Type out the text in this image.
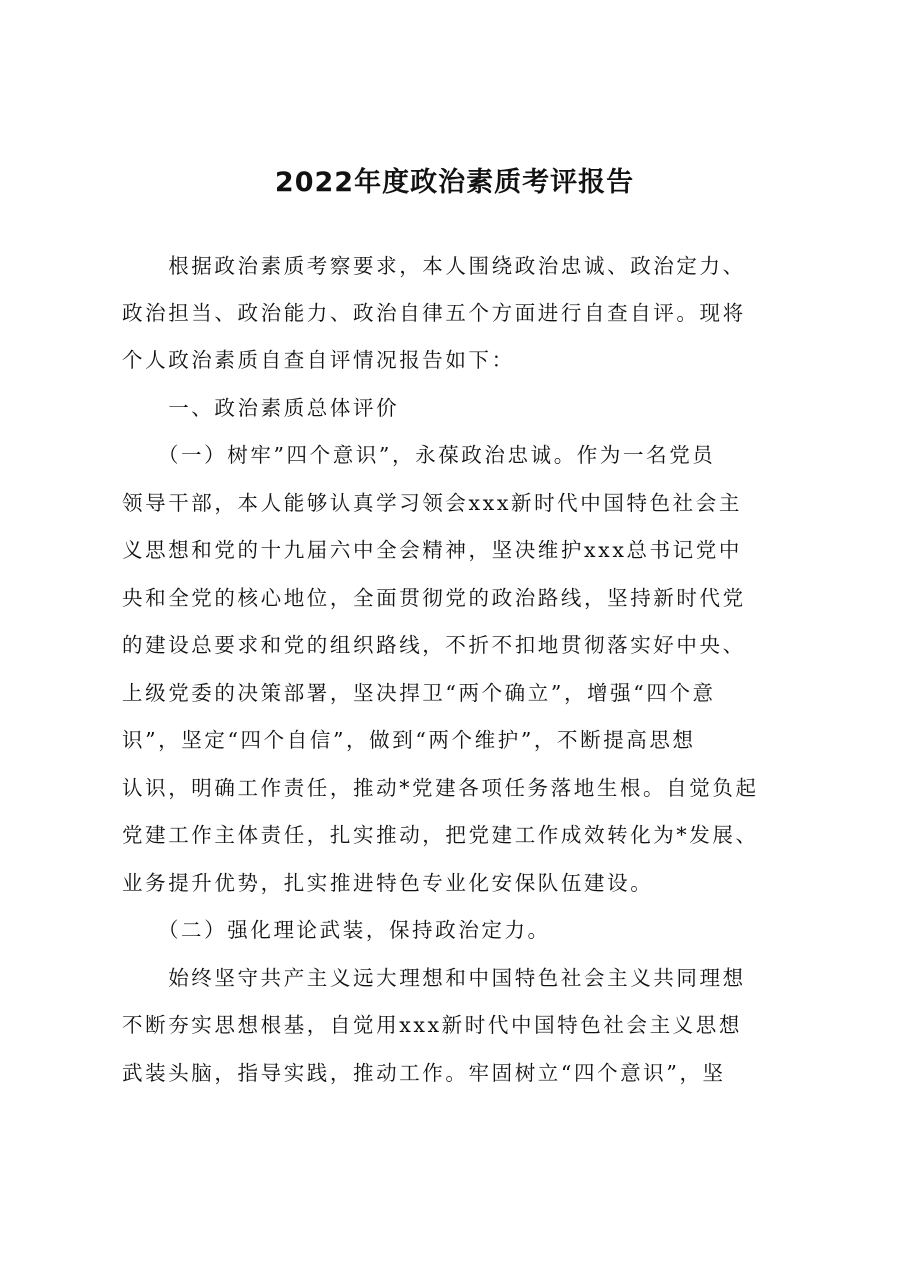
2022年度政治素质考评报告
　　根据政治素质考察要求，本人围绕政治忠诚、政治定力、
政治担当、政治能力、政治自律五个方面进行自查自评。现将
个人政治素质自查自评情况报告如下：
　　一、政治素质总体评价
　　（一）树牢”四个意识”，永葆政治忠诚。作为一名党员
领导干部，本人能够认真学习领会xxx新时代中国特色社会主
义思想和党的十九届六中全会精神，坚决维护xxx总书记党中
央和全党的核心地位，全面贯彻党的政治路线，坚持新时代党
的建设总要求和党的组织路线，不折不扣地贯彻落实好中央、
上级党委的决策部署，坚决捍卫“两个确立”，增强“四个意
识”，坚定“四个自信”，做到“两个维护”，不断提高思想
认识，明确工作责任，推动*党建各项任务落地生根。自觉负起
党建工作主体责任，扎实推动，把党建工作成效转化为*发展、
业务提升优势，扎实推进特色专业化安保队伍建设。
　　（二）强化理论武装，保持政治定力。
　　始终坚守共产主义远大理想和中国特色社会主义共同理想
不断夯实思想根基，自觉用xxx新时代中国特色社会主义思想
武装头脑，指导实践，推动工作。牢固树立“四个意识”，坚
